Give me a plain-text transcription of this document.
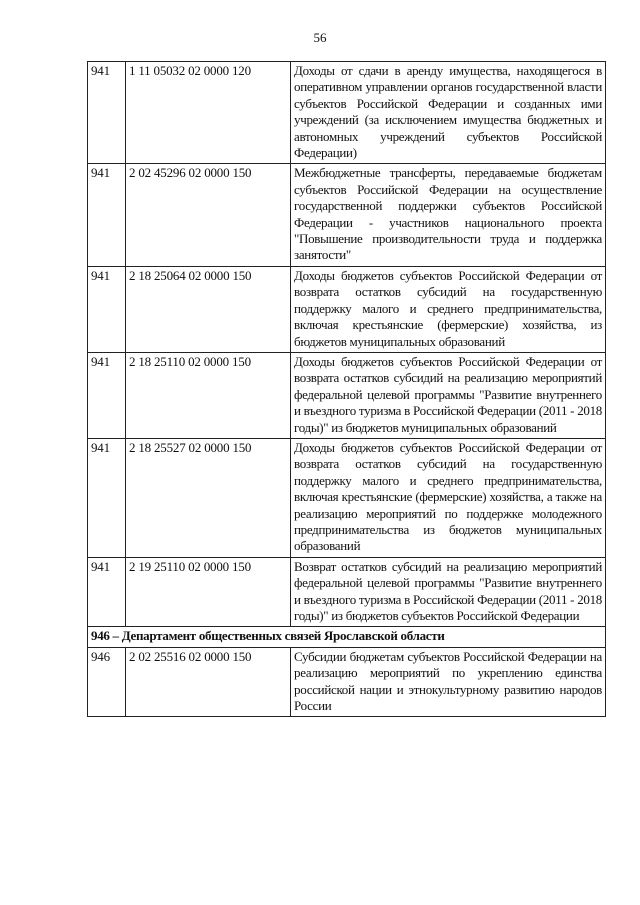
56
941	1 11 05032 02 0000 120	Доходы от сдачи в аренду имущества, находящегося в оперативном управлении органов государственной власти субъектов Российской Федерации и созданных ими учреждений (за исключением имущества бюджетных и автономных учреждений субъектов Российской Федерации)
941	2 02 45296 02 0000 150	Межбюджетные трансферты, передаваемые бюджетам субъектов Российской Федерации на осуществление государственной поддержки субъектов Российской Федерации - участников национального проекта "Повышение производительности труда и поддержка занятости"
941	2 18 25064 02 0000 150	Доходы бюджетов субъектов Российской Федерации от возврата остатков субсидий на государственную поддержку малого и среднего предпринимательства, включая крестьянские (фермерские) хозяйства, из бюджетов муниципальных образований
941	2 18 25110 02 0000 150	Доходы бюджетов субъектов Российской Федерации от возврата остатков субсидий на реализацию мероприятий федеральной целевой программы "Развитие внутреннего и въездного туризма в Российской Федерации (2011 - 2018 годы)" из бюджетов муниципальных образований
941	2 18 25527 02 0000 150	Доходы бюджетов субъектов Российской Федерации от возврата остатков субсидий на государственную поддержку малого и среднего предпринимательства, включая крестьянские (фермерские) хозяйства, а также на реализацию мероприятий по поддержке молодежного предпринимательства из бюджетов муниципальных образований
941	2 19 25110 02 0000 150	Возврат остатков субсидий на реализацию мероприятий федеральной целевой программы "Развитие внутреннего и въездного туризма в Российской Федерации (2011 - 2018 годы)" из бюджетов субъектов Российской Федерации
946 – Департамент общественных связей Ярославской области		
946	2 02 25516 02 0000 150	Субсидии бюджетам субъектов Российской Федерации на реализацию мероприятий по укреплению единства российской нации и этнокультурному развитию народов России
